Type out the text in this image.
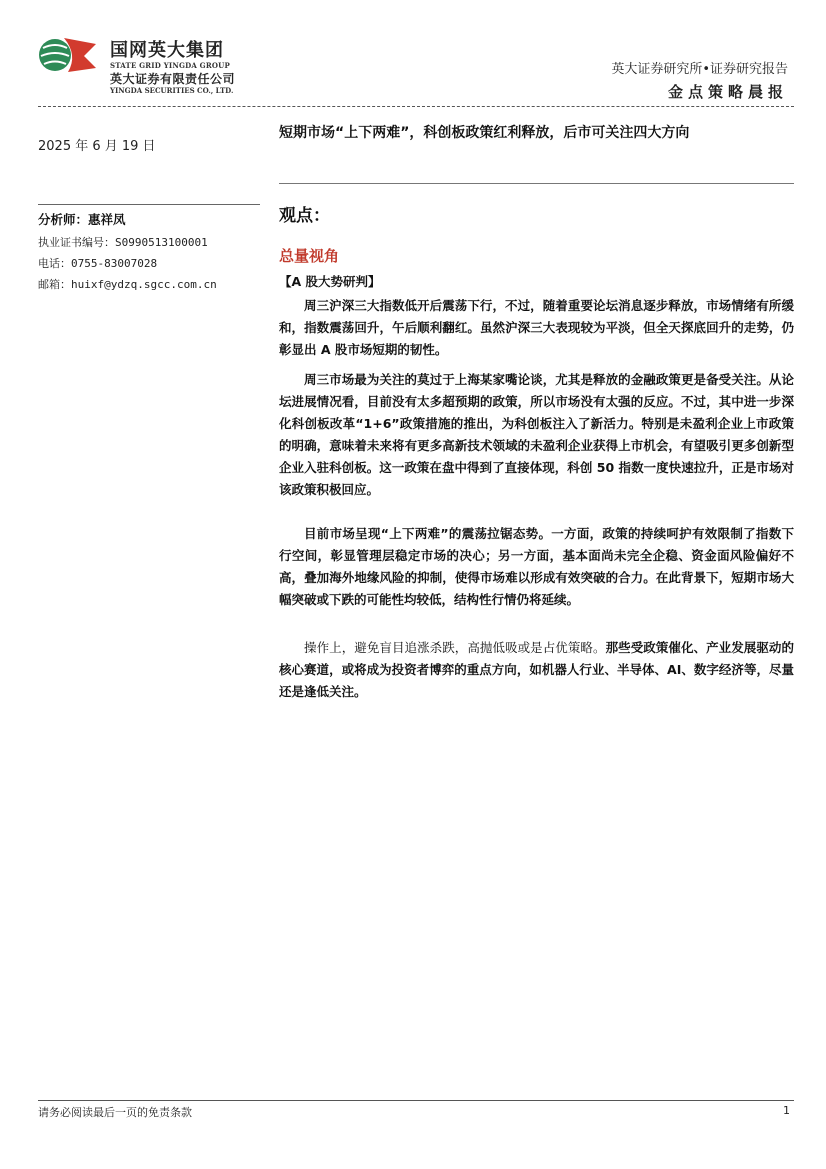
国网英大集团
STATE GRID YINGDA GROUP
英大证券有限责任公司
YINGDA SECURITIES CO., LTD.
英大证券研究所•证券研究报告
金点策略晨报
2025 年 6 月 19 日
分析师：惠祥凤
执业证书编号：S0990513100001
电话：0755-83007028
邮箱：huixf@ydzq.sgcc.com.cn
短期市场“上下两难”，科创板政策红利释放，后市可关注四大方向
观点：
总量视角
【A 股大势研判】

周三沪深三大指数低开后震荡下行，不过，随着重要论坛消息逐步释放，市场情绪有所缓和，指数震荡回升，午后顺利翻红。虽然沪深三大表现较为平淡，但全天探底回升的走势，仍彰显出 A 股市场短期的韧性。

周三市场最为关注的莫过于上海某家嘴论谈，尤其是释放的金融政策更是备受关注。从论坛进展情况看，目前没有太多超预期的政策，所以市场没有太强的反应。不过，其中进一步深化科创板改革“1+6”政策措施的推出，为科创板注入了新活力。特别是未盈利企业上市政策的明确，意味着未来将有更多高新技术领域的未盈利企业获得上市机会，有望吸引更多创新型企业入驻科创板。这一政策在盘中得到了直接体现，科创 50 指数一度快速拉升，正是市场对该政策积极回应。

目前市场呈现“上下两难”的震荡拉锯态势。一方面，政策的持续呵护有效限制了指数下行空间，彰显管理层稳定市场的决心；另一方面，基本面尚未完全企稳、资金面风险偏好不高，叠加海外地缘风险的抑制，使得市场难以形成有效突破的合力。在此背景下，短期市场大幅突破或下跌的可能性均较低，结构性行情仍将延续。

操作上，避免盲目追涨杀跌，高抛低吸或是占优策略。那些受政策催化、产业发展驱动的核心赛道，或将成为投资者博弈的重点方向，如机器人行业、半导体、AI、数字经济等，尽量还是逢低关注。

请务必阅读最后一页的免责条款	1
